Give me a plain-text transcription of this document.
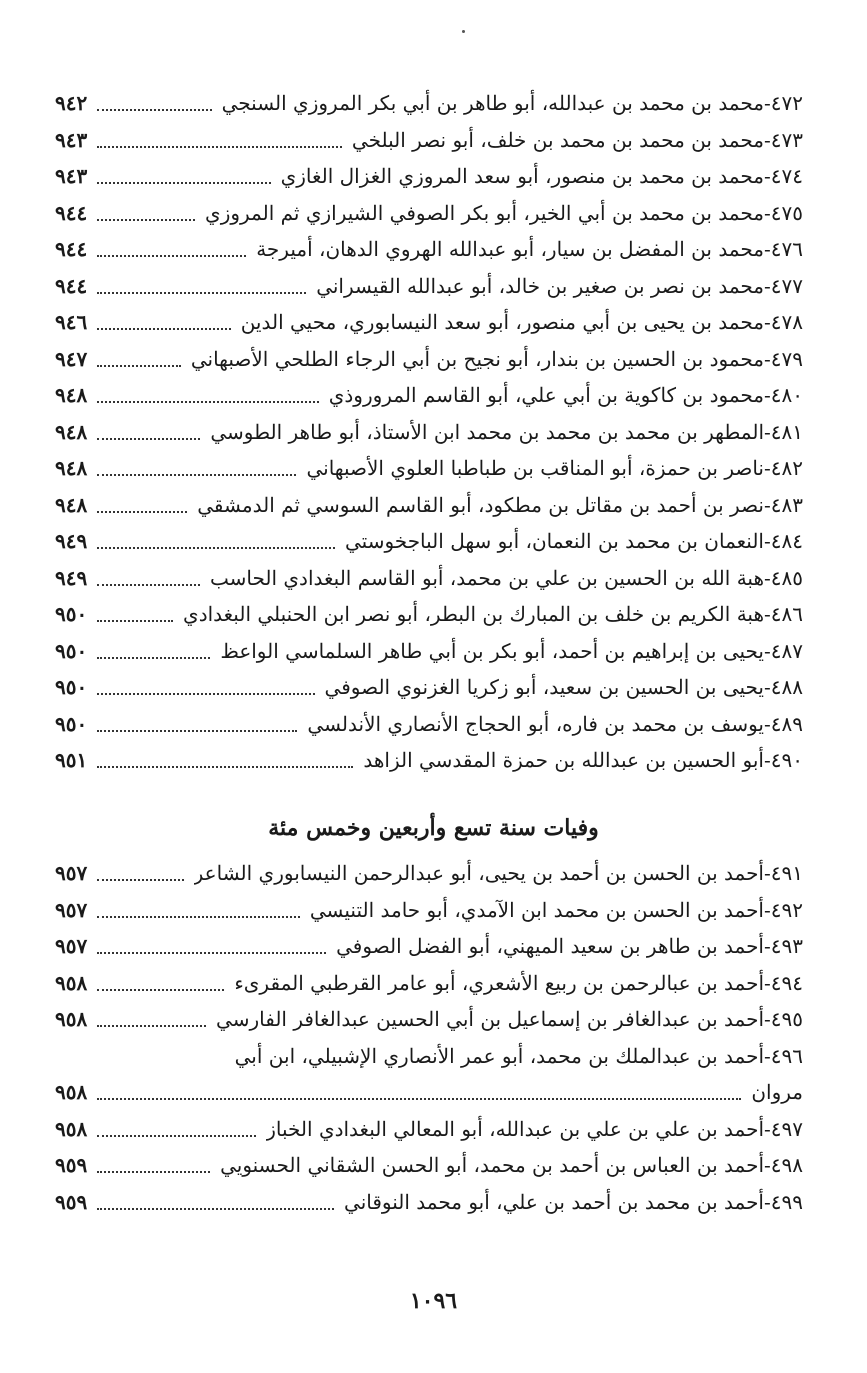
٤٧٢-محمد بن محمد بن عبدالله، أبو طاهر بن أبي بكر المروزي السنجي
٩٤٢
٤٧٣-محمد بن محمد بن محمد بن خلف، أبو نصر البلخي
٩٤٣
٤٧٤-محمد بن محمد بن منصور، أبو سعد المروزي الغزال الغازي
٩٤٣
٤٧٥-محمد بن محمد بن أبي الخير، أبو بكر الصوفي الشيرازي ثم المروزي
٩٤٤
٤٧٦-محمد بن المفضل بن سيار، أبو عبدالله الهروي الدهان، أميرجة
٩٤٤
٤٧٧-محمد بن نصر بن صغير بن خالد، أبو عبدالله القيسراني
٩٤٤
٤٧٨-محمد بن يحيى بن أبي منصور، أبو سعد النيسابوري، محيي الدين
٩٤٦
٤٧٩-محمود بن الحسين بن بندار، أبو نجيح بن أبي الرجاء الطلحي الأصبهاني
٩٤٧
٤٨٠-محمود بن كاكوية بن أبي علي، أبو القاسم المروروذي
٩٤٨
٤٨١-المطهر بن محمد بن محمد بن محمد ابن الأستاذ، أبو طاهر الطوسي
٩٤٨
٤٨٢-ناصر بن حمزة، أبو المناقب بن طباطبا العلوي الأصبهاني
٩٤٨
٤٨٣-نصر بن أحمد بن مقاتل بن مطكود، أبو القاسم السوسي ثم الدمشقي
٩٤٨
٤٨٤-النعمان بن محمد بن النعمان، أبو سهل الباجخوستي
٩٤٩
٤٨٥-هبة الله بن الحسين بن علي بن محمد، أبو القاسم البغدادي الحاسب
٩٤٩
٤٨٦-هبة الكريم بن خلف بن المبارك بن البطر، أبو نصر ابن الحنبلي البغدادي
٩٥٠
٤٨٧-يحيى بن إبراهيم بن أحمد، أبو بكر بن أبي طاهر السلماسي الواعظ
٩٥٠
٤٨٨-يحيى بن الحسين بن سعيد، أبو زكريا الغزنوي الصوفي
٩٥٠
٤٨٩-يوسف بن محمد بن فاره، أبو الحجاج الأنصاري الأندلسي
٩٥٠
٤٩٠-أبو الحسين بن عبدالله بن حمزة المقدسي الزاهد
٩٥١
وفيات سنة تسع وأربعين وخمس مئة
٤٩١-أحمد بن الحسن بن أحمد بن يحيى، أبو عبدالرحمن النيسابوري الشاعر
٩٥٧
٤٩٢-أحمد بن الحسن بن محمد ابن الآمدي، أبو حامد التنيسي
٩٥٧
٤٩٣-أحمد بن طاهر بن سعيد الميهني، أبو الفضل الصوفي
٩٥٧
٤٩٤-أحمد بن عبالرحمن بن ربيع الأشعري، أبو عامر القرطبي المقرىء
٩٥٨
٤٩٥-أحمد بن عبدالغافر بن إسماعيل بن أبي الحسين عبدالغافر الفارسي
٩٥٨
٤٩٦-أحمد بن عبدالملك بن محمد، أبو عمر الأنصاري الإشبيلي، ابن أبي
مروان
٩٥٨
٤٩٧-أحمد بن علي بن علي بن عبدالله، أبو المعالي البغدادي الخباز
٩٥٨
٤٩٨-أحمد بن العباس بن أحمد بن محمد، أبو الحسن الشقاني الحسنويي
٩٥٩
٤٩٩-أحمد بن محمد بن أحمد بن علي، أبو محمد النوقاني
٩٥٩
١٠٩٦
